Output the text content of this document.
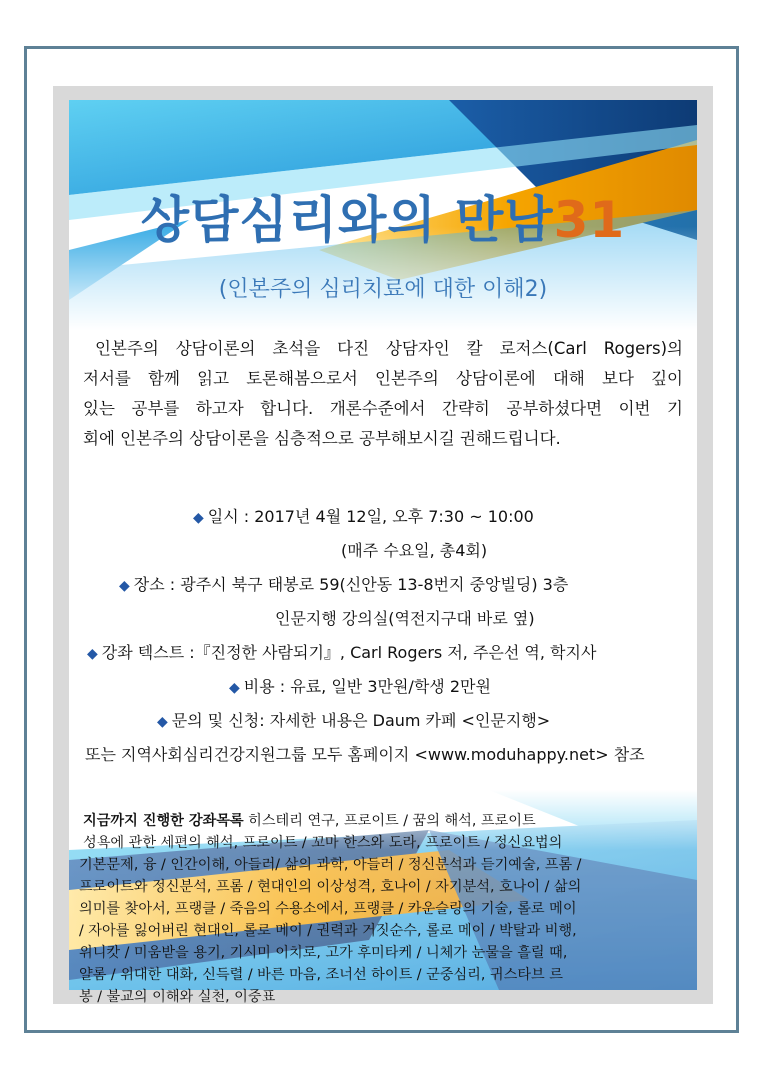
상담심리와의 만남31
(인본주의 심리치료에 대한 이해2)

인본주의 상담이론의 초석을 다진 상담자인 칼 로저스(Carl Rogers)의

저서를 함께 읽고 토론해봄으로서 인본주의 상담이론에 대해 보다 깊이

있는 공부를 하고자 합니다. 개론수준에서 간략히 공부하셨다면 이번 기

회에 인본주의 상담이론을 심층적으로 공부해보시길 권해드립니다.

◆ 일시 : 2017년 4월 12일, 오후 7:30 ~ 10:00
(매주 수요일, 총4회)
◆ 장소 : 광주시 북구 태봉로 59(신안동 13-8번지 중앙빌딩) 3층
인문지행 강의실(역전지구대 바로 옆)
◆ 강좌 텍스트 :『진정한 사람되기』, Carl Rogers 저, 주은선 역, 학지사
◆ 비용 : 유료, 일반 3만원/학생 2만원
◆ 문의 및 신청: 자세한 내용은 Daum 카페 <인문지행>
또는 지역사회심리건강지원그룹 모두 홈페이지 <www.moduhappy.net> 참조

지금까지 진행한 강좌목록 히스테리 연구, 프로이트 / 꿈의 해석, 프로이트

성욕에 관한 세편의 해석, 프로이트 / 꼬마 한스와 도라, 프로이트 / 정신요법의

기본문제, 융 / 인간이해, 아들러/ 삶의 과학, 아들러 / 정신분석과 듣기예술, 프롬 /

프로이트와 정신분석, 프롬 / 현대인의 이상성격, 호나이 / 자기분석, 호나이 / 삶의

의미를 찾아서, 프랭클 / 죽음의 수용소에서, 프랭클 / 카운슬링의 기술, 롤로 메이

/ 자아를 잃어버린 현대인, 롤로 메이 / 권력과 거짓순수, 롤로 메이 / 박탈과 비행,

위니캇 / 미움받을 용기, 기시미 이치로, 고가 후미타케 / 니체가 눈물을 흘릴 때,

얄롬 / 위대한 대화, 신득렬 / 바른 마음, 조너선 하이트 / 군중심리, 귀스타브 르

봉 / 불교의 이해와 실천, 이중표
